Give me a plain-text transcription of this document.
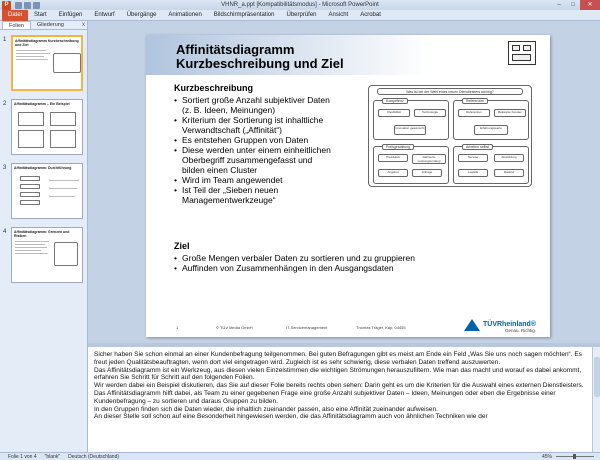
P	VHNR_a.ppt [Kompatibilitätsmodus] - Microsoft PowerPoint	–	□	✕
Datei	Start	Einfügen	Entwurf	Übergänge	Animationen	Bildschirmpräsentation	Überprüfen	Ansicht	Acrobat
Folien	Gliederung	x
1	Affinitätsdiagramm Kurzbeschreibung und Ziel
2	Affinitätsdiagramm – Ein Beispiel
3	Affinitätsdiagramm: Durchführung
4	Affinitätsdiagramm: Grenzen und Risiken
Affinitätsdiagramm
Kurzbeschreibung und Ziel
Kurzbeschreibung
• Sortiert große Anzahl subjektiver Daten
(z. B. Ideen, Meinungen)
• Kriterium der Sortierung ist inhaltliche
Verwandtschaft („Affinität“)
• Es entstehen Gruppen von Daten
• Diese werden unter einem einheitlichen
Oberbegriff zusammengefasst und
bilden einen Cluster
• Wird im Team angewendet
• Ist Teil der „Sieben neuen Managementwerkzeuge“
Was ist bei der Wahl eines neuen Dienstleisters wichtig?
Kompetenz
Flexibilität	Technologie
Innovation gewünscht
Referenzen
Referenzen	Bekannte Kunden
Erfahrungswerte
Preisgestaltung
Preisbasis	Definierte Leistungsumfang
Angebot	Anfrage
Arbeiten selbst
Service	Abwicklung
Logistik	Rückruf
Ziel
• Große Mengen verbaler Daten zu sortieren und zu gruppieren
• Auffinden von Zusammenhängen in den Ausgangsdaten
1	© TÜV Media GmbH	IT-Servicemanagement	Thomas Träger, Kap. 04455	TÜVRheinland®
Genau. Richtig.

Sicher haben Sie schon einmal an einer Kundenbefragung teilgenommen. Bei guten Befragungen gibt es meist am Ende ein Feld „Was Sie uns noch sagen möchten“. Es freut jeden Qualitätsbeauftragten, wenn dort viel eingetragen wird. Zugleich ist es sehr schwierig, diese verbalen Daten treffend auszuwerten.

Das Affinitätsdiagramm ist ein Werkzeug, aus diesen vielen Einzelstimmen die wichtigen Strömungen herauszufiltern. Wie man das macht und worauf es dabei ankommt, erfahren Sie Schritt für Schritt auf den folgenden Folien.

Wir werden dabei ein Beispiel diskutieren, das Sie auf dieser Folie bereits rechts oben sehen: Darin geht es um die Kriterien für die Auswahl eines externen Dienstleisters.

Das Affinitätsdiagramm hilft dabei, als Team zu einer gegebenen Frage eine große Anzahl subjektiver Daten – Ideen, Meinungen oder eben die Ergebnisse einer Kundenbefragung – zu sortieren und daraus Gruppen zu bilden.

In den Gruppen finden sich die Daten wieder, die inhaltlich zueinander passen, also eine Affinität zueinander aufweisen.

An dieser Stelle soll schon auf eine Besonderheit hingewiesen werden, die das Affinitätsdiagramm auch von ähnlichen Techniken wie der

Folie 1 von 4 "blank" Deutsch (Deutschland)	45%
